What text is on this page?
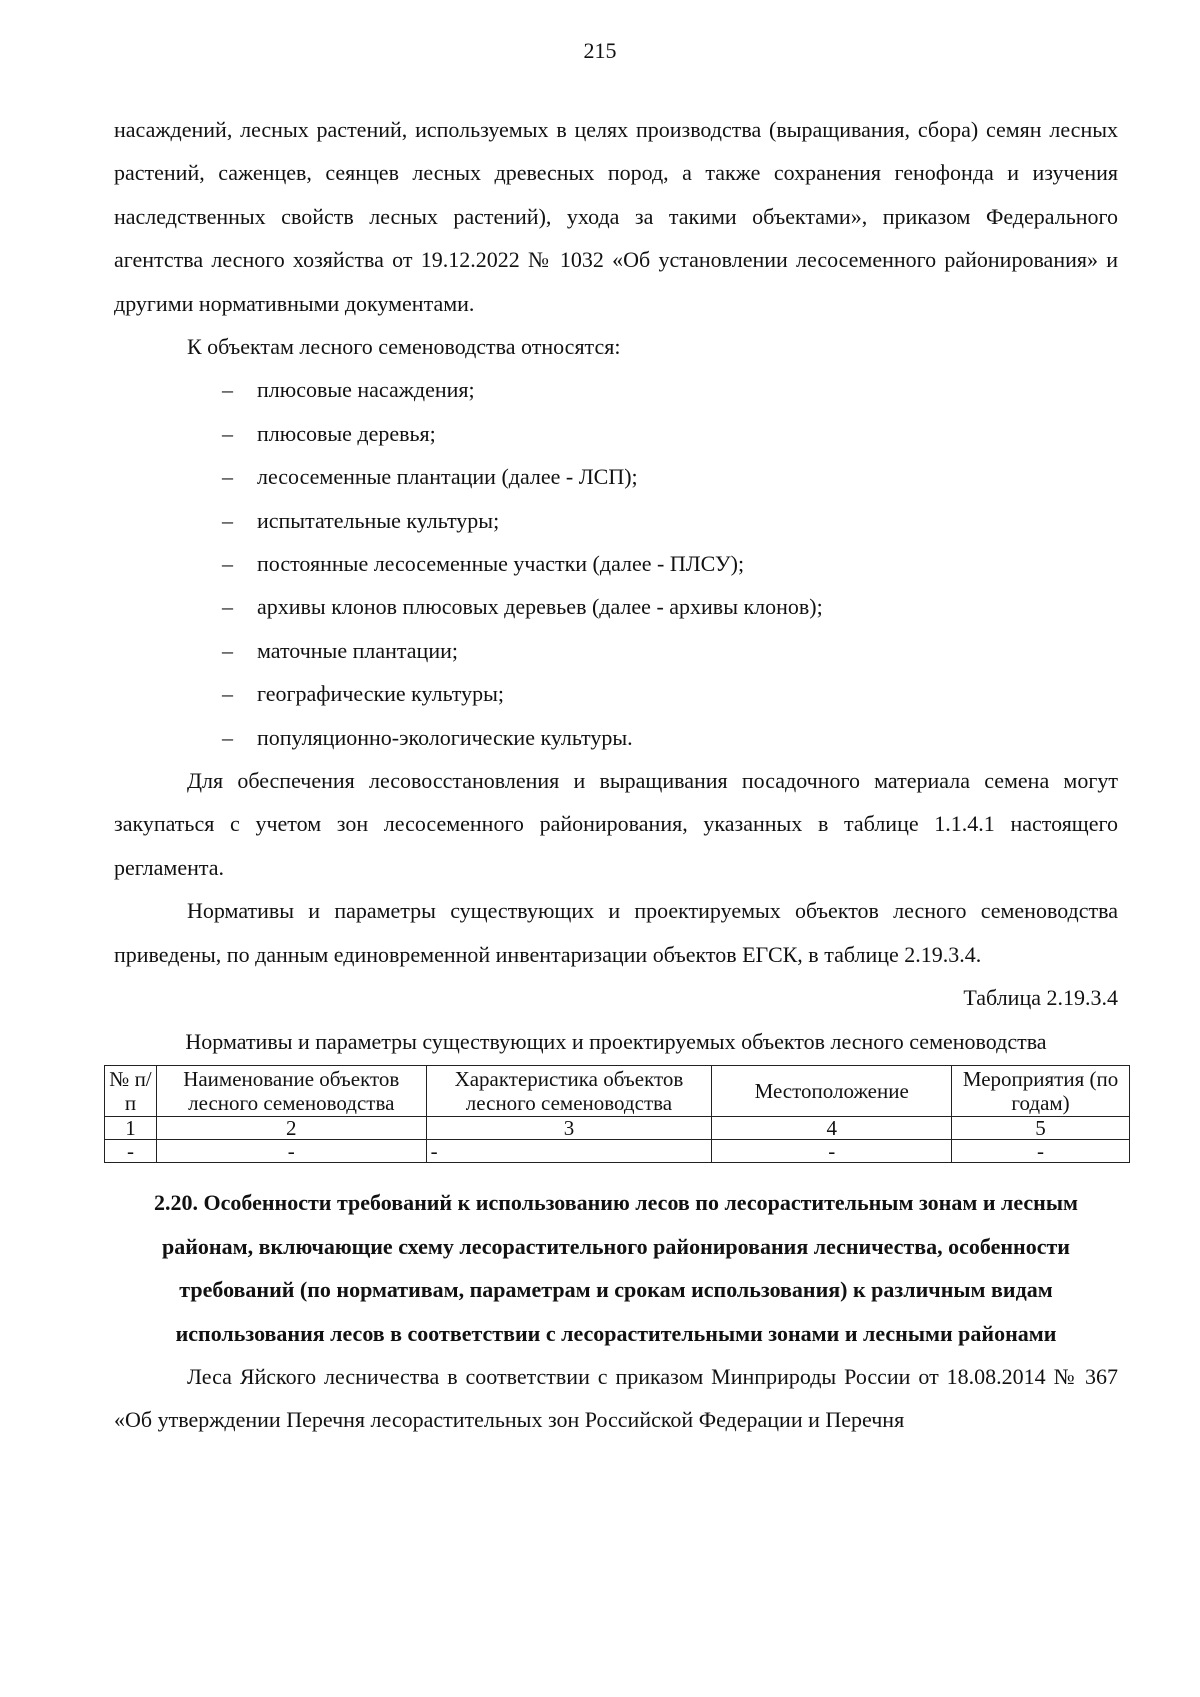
215

насаждений, лесных растений, используемых в целях производства (выращивания, сбора) семян лесных растений, саженцев, сеянцев лесных древесных пород, а также сохранения генофонда и изучения наследственных свойств лесных растений), ухода за такими объектами», приказом Федерального агентства лесного хозяйства от 19.12.2022 № 1032 «Об установлении лесосеменного районирования» и другими нормативными документами.

К объектам лесного семеноводства относятся:

– плюсовые насаждения;
– плюсовые деревья;
– лесосеменные плантации (далее - ЛСП);
– испытательные культуры;
– постоянные лесосеменные участки (далее - ПЛСУ);
– архивы клонов плюсовых деревьев (далее - архивы клонов);
– маточные плантации;
– географические культуры;
– популяционно-экологические культуры.

Для обеспечения лесовосстановления и выращивания посадочного материала семена могут закупаться с учетом зон лесосеменного районирования, указанных в таблице 1.1.4.1 настоящего регламента.

Нормативы и параметры существующих и проектируемых объектов лесного семеноводства приведены, по данным единовременной инвентаризации объектов ЕГСК, в таблице 2.19.3.4.

Таблица 2.19.3.4
Нормативы и параметры существующих и проектируемых объектов лесного семеноводства
№ п/п	Наименование объектов лесного семеноводства	Характеристика объектов лесного семеноводства	Местоположение	Мероприятия (по годам)
1	2	3	4	5
-	-	-	-	-
2.20. Особенности требований к использованию лесов по лесорастительным зонам и лесным районам, включающие схему лесорастительного районирования лесничества, особенности требований (по нормативам, параметрам и срокам использования) к различным видам использования лесов в соответствии с лесорастительными зонами и лесными районами

Леса Яйского лесничества в соответствии с приказом Минприроды России от 18.08.2014 № 367 «Об утверждении Перечня лесорастительных зон Российской Федерации и Перечня
